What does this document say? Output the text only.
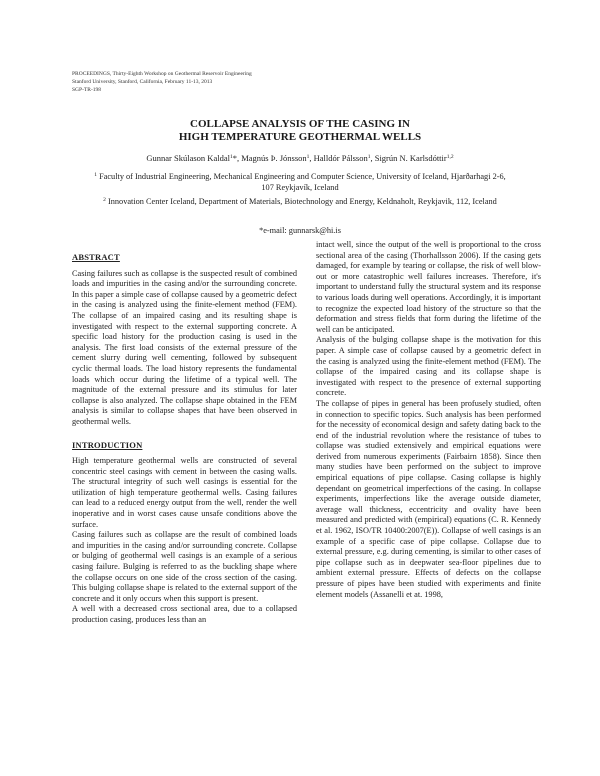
PROCEEDINGS, Thirty-Eighth Workshop on Geothermal Reservoir Engineering
Stanford University, Stanford, California, February 11-13, 2013
SGP-TR-198
COLLAPSE ANALYSIS OF THE CASING IN
HIGH TEMPERATURE GEOTHERMAL WELLS
Gunnar Skúlason Kaldal$^1$*, Magnús Þ. Jónsson$^1$, Halldór Pálsson$^1$, Sigrún N. Karlsdóttir$^{1,2}$
$^1$ Faculty of Industrial Engineering, Mechanical Engineering and Computer Science, University of Iceland, Hjarðarhagi 2-6, 107 Reykjavík, Iceland
$^2$ Innovation Center Iceland, Department of Materials, Biotechnology and Energy, Keldnaholt, Reykjavik, 112, Iceland
*e-mail: gunnarsk@hi.is
ABSTRACT

Casing failures such as collapse is the suspected result of combined loads and impurities in the casing and/or the surrounding concrete. In this paper a simple case of collapse caused by a geometric defect in the casing is analyzed using the finite-element method (FEM). The collapse of an impaired casing and its resulting shape is investigated with respect to the external supporting concrete. A specific load history for the production casing is used in the analysis. The first load consists of the external pressure of the cement slurry during well cementing, followed by subsequent cyclic thermal loads. The load history represents the fundamental loads which occur during the lifetime of a typical well. The magnitude of the external pressure and its stimulus for later collapse is also analyzed. The collapse shape obtained in the FEM analysis is similar to collapse shapes that have been observed in geothermal wells.

INTRODUCTION

High temperature geothermal wells are constructed of several concentric steel casings with cement in between the casing walls. The structural integrity of such well casings is essential for the utilization of high temperature geothermal wells. Casing failures can lead to a reduced energy output from the well, render the well inoperative and in worst cases cause unsafe conditions above the surface.

Casing failures such as collapse are the result of combined loads and impurities in the casing and/or surrounding concrete. Collapse or bulging of geothermal well casings is an example of a serious casing failure. Bulging is referred to as the buckling shape where the collapse occurs on one side of the cross section of the casing. This bulging collapse shape is related to the external support of the concrete and it only occurs when this support is present.

A well with a decreased cross sectional area, due to a collapsed production casing, produces less than an

intact well, since the output of the well is proportional to the cross sectional area of the casing (Thorhallsson 2006). If the casing gets damaged, for example by tearing or collapse, the risk of well blow-out or more catastrophic well failures increases. Therefore, it's important to understand fully the structural system and its response to various loads during well operations. Accordingly, it is important to recognize the expected load history of the structure so that the deformation and stress fields that form during the lifetime of the well can be anticipated.

Analysis of the bulging collapse shape is the motivation for this paper. A simple case of collapse caused by a geometric defect in the casing is analyzed using the finite-element method (FEM). The collapse of the impaired casing and its collapse shape is investigated with respect to the presence of external supporting concrete.

The collapse of pipes in general has been profusely studied, often in connection to specific topics. Such analysis has been performed for the necessity of economical design and safety dating back to the end of the industrial revolution where the resistance of tubes to collapse was studied extensively and empirical equations were derived from numerous experiments (Fairbairn 1858). Since then many studies have been performed on the subject to improve empirical equations of pipe collapse. Casing collapse is highly dependant on geometrical imperfections of the casing. In collapse experiments, imperfections like the average outside diameter, average wall thickness, eccentricity and ovality have been measured and predicted with (empirical) equations (C. R. Kennedy et al. 1962, ISO/TR 10400:2007(E)). Collapse of well casings is an example of a specific case of pipe collapse. Collapse due to external pressure, e.g. during cementing, is similar to other cases of pipe collapse such as in deepwater sea-floor pipelines due to ambient external pressure. Effects of defects on the collapse pressure of pipes have been studied with experiments and finite element models (Assanelli et at. 1998,
